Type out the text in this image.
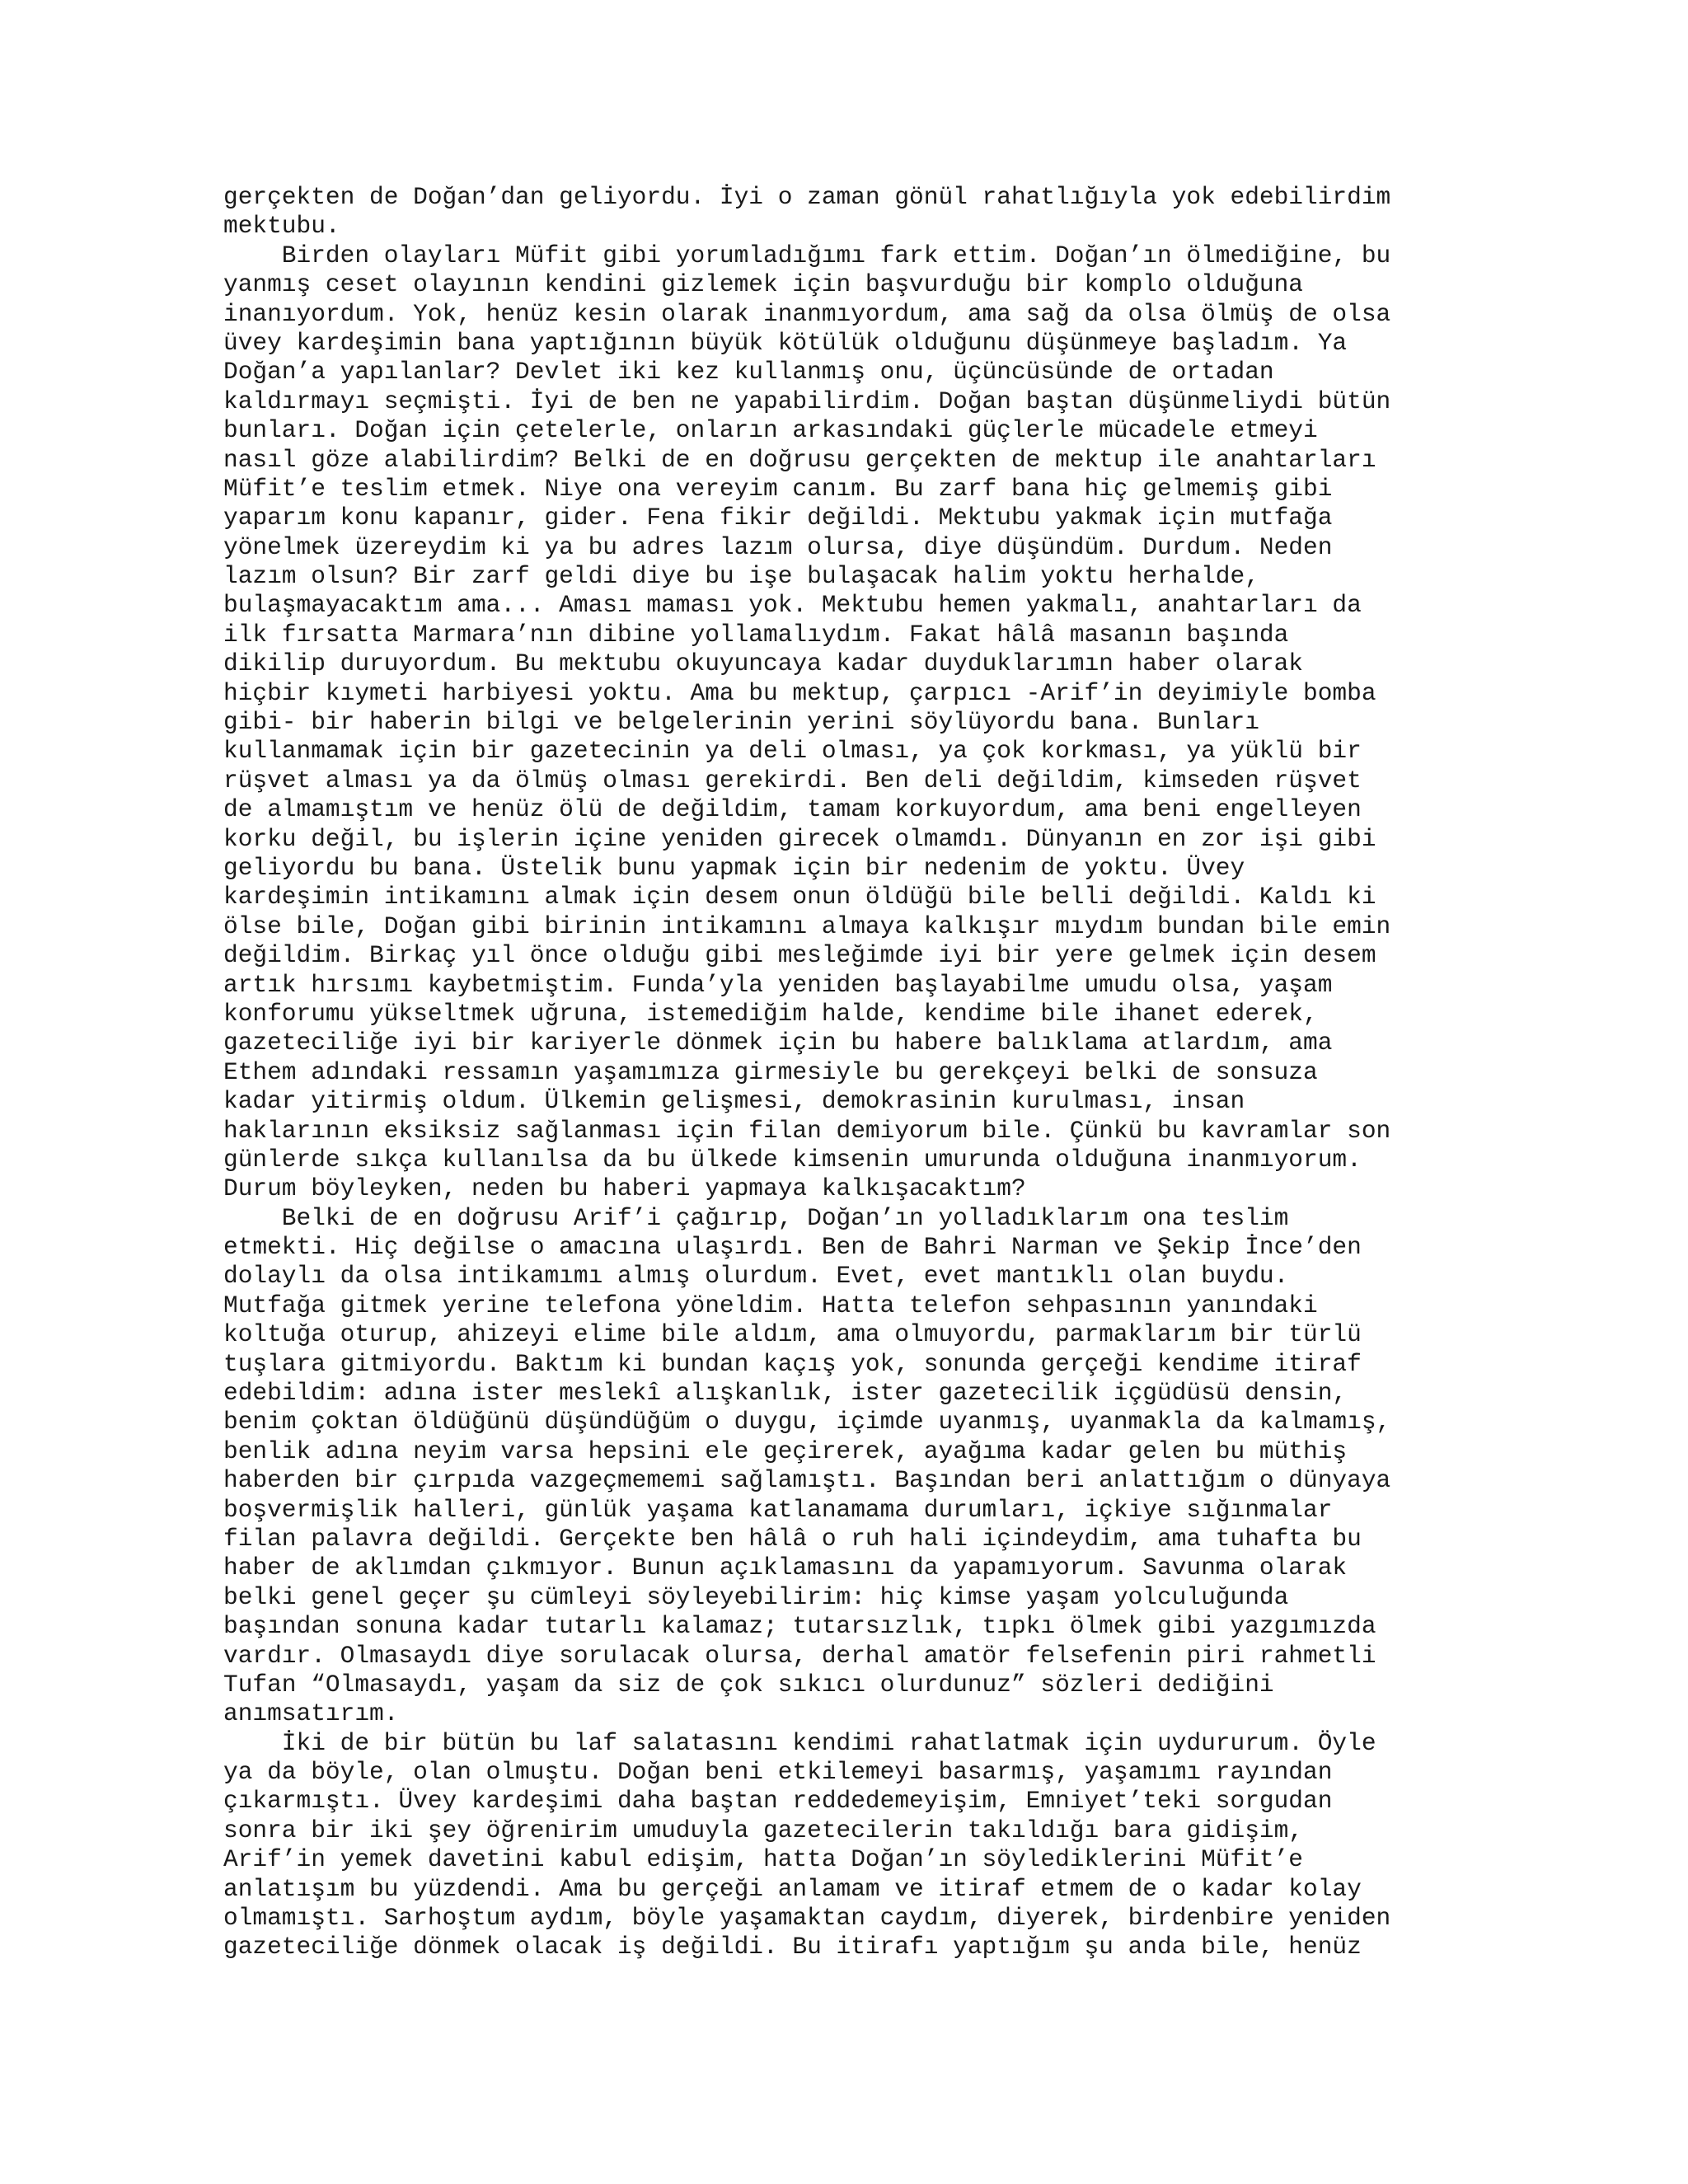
gerçekten de Doğan’dan geliyordu. İyi o zaman gönül rahatlığıyla yok edebilirdim
mektubu.
Birden olayları Müfit gibi yorumladığımı fark ettim. Doğan’ın ölmediğine, bu
yanmış ceset olayının kendini gizlemek için başvurduğu bir komplo olduğuna
inanıyordum. Yok, henüz kesin olarak inanmıyordum, ama sağ da olsa ölmüş de olsa
üvey kardeşimin bana yaptığının büyük kötülük olduğunu düşünmeye başladım. Ya
Doğan’a yapılanlar? Devlet iki kez kullanmış onu, üçüncüsünde de ortadan
kaldırmayı seçmişti. İyi de ben ne yapabilirdim. Doğan baştan düşünmeliydi bütün
bunları. Doğan için çetelerle, onların arkasındaki güçlerle mücadele etmeyi
nasıl göze alabilirdim? Belki de en doğrusu gerçekten de mektup ile anahtarları
Müfit’e teslim etmek. Niye ona vereyim canım. Bu zarf bana hiç gelmemiş gibi
yaparım konu kapanır, gider. Fena fikir değildi. Mektubu yakmak için mutfağa
yönelmek üzereydim ki ya bu adres lazım olursa, diye düşündüm. Durdum. Neden
lazım olsun? Bir zarf geldi diye bu işe bulaşacak halim yoktu herhalde,
bulaşmayacaktım ama... Aması maması yok. Mektubu hemen yakmalı, anahtarları da
ilk fırsatta Marmara’nın dibine yollamalıydım. Fakat hâlâ masanın başında
dikilip duruyordum. Bu mektubu okuyuncaya kadar duyduklarımın haber olarak
hiçbir kıymeti harbiyesi yoktu. Ama bu mektup, çarpıcı -Arif’in deyimiyle bomba
gibi- bir haberin bilgi ve belgelerinin yerini söylüyordu bana. Bunları
kullanmamak için bir gazetecinin ya deli olması, ya çok korkması, ya yüklü bir
rüşvet alması ya da ölmüş olması gerekirdi. Ben deli değildim, kimseden rüşvet
de almamıştım ve henüz ölü de değildim, tamam korkuyordum, ama beni engelleyen
korku değil, bu işlerin içine yeniden girecek olmamdı. Dünyanın en zor işi gibi
geliyordu bu bana. Üstelik bunu yapmak için bir nedenim de yoktu. Üvey
kardeşimin intikamını almak için desem onun öldüğü bile belli değildi. Kaldı ki
ölse bile, Doğan gibi birinin intikamını almaya kalkışır mıydım bundan bile emin
değildim. Birkaç yıl önce olduğu gibi mesleğimde iyi bir yere gelmek için desem
artık hırsımı kaybetmiştim. Funda’yla yeniden başlayabilme umudu olsa, yaşam
konforumu yükseltmek uğruna, istemediğim halde, kendime bile ihanet ederek,
gazeteciliğe iyi bir kariyerle dönmek için bu habere balıklama atlardım, ama
Ethem adındaki ressamın yaşamımıza girmesiyle bu gerekçeyi belki de sonsuza
kadar yitirmiş oldum. Ülkemin gelişmesi, demokrasinin kurulması, insan
haklarının eksiksiz sağlanması için filan demiyorum bile. Çünkü bu kavramlar son
günlerde sıkça kullanılsa da bu ülkede kimsenin umurunda olduğuna inanmıyorum.
Durum böyleyken, neden bu haberi yapmaya kalkışacaktım?
Belki de en doğrusu Arif’i çağırıp, Doğan’ın yolladıklarım ona teslim
etmekti. Hiç değilse o amacına ulaşırdı. Ben de Bahri Narman ve Şekip İnce’den
dolaylı da olsa intikamımı almış olurdum. Evet, evet mantıklı olan buydu.
Mutfağa gitmek yerine telefona yöneldim. Hatta telefon sehpasının yanındaki
koltuğa oturup, ahizeyi elime bile aldım, ama olmuyordu, parmaklarım bir türlü
tuşlara gitmiyordu. Baktım ki bundan kaçış yok, sonunda gerçeği kendime itiraf
edebildim: adına ister meslekî alışkanlık, ister gazetecilik içgüdüsü densin,
benim çoktan öldüğünü düşündüğüm o duygu, içimde uyanmış, uyanmakla da kalmamış,
benlik adına neyim varsa hepsini ele geçirerek, ayağıma kadar gelen bu müthiş
haberden bir çırpıda vazgeçmememi sağlamıştı. Başından beri anlattığım o dünyaya
boşvermişlik halleri, günlük yaşama katlanamama durumları, içkiye sığınmalar
filan palavra değildi. Gerçekte ben hâlâ o ruh hali içindeydim, ama tuhafta bu
haber de aklımdan çıkmıyor. Bunun açıklamasını da yapamıyorum. Savunma olarak
belki genel geçer şu cümleyi söyleyebilirim: hiç kimse yaşam yolculuğunda
başından sonuna kadar tutarlı kalamaz; tutarsızlık, tıpkı ölmek gibi yazgımızda
vardır. Olmasaydı diye sorulacak olursa, derhal amatör felsefenin piri rahmetli
Tufan “Olmasaydı, yaşam da siz de çok sıkıcı olurdunuz” sözleri dediğini
anımsatırım.
İki de bir bütün bu laf salatasını kendimi rahatlatmak için uydururum. Öyle
ya da böyle, olan olmuştu. Doğan beni etkilemeyi basarmış, yaşamımı rayından
çıkarmıştı. Üvey kardeşimi daha baştan reddedemeyişim, Emniyet’teki sorgudan
sonra bir iki şey öğrenirim umuduyla gazetecilerin takıldığı bara gidişim,
Arif’in yemek davetini kabul edişim, hatta Doğan’ın söylediklerini Müfit’e
anlatışım bu yüzdendi. Ama bu gerçeği anlamam ve itiraf etmem de o kadar kolay
olmamıştı. Sarhoştum aydım, böyle yaşamaktan caydım, diyerek, birdenbire yeniden
gazeteciliğe dönmek olacak iş değildi. Bu itirafı yaptığım şu anda bile, henüz
